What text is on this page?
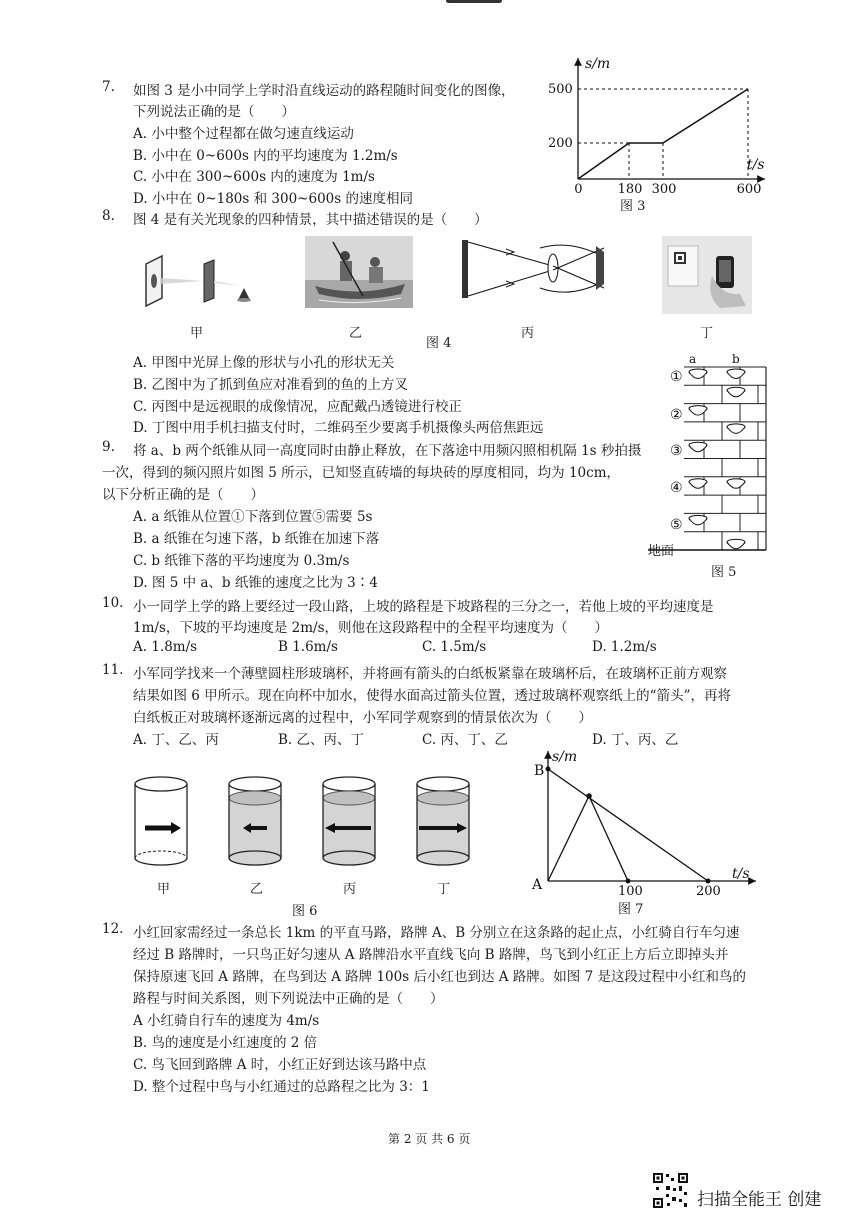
7. 如图 3 是小中同学上学时沿直线运动的路程随时间变化的图像，
下列说法正确的是（　　）
A. 小中整个过程都在做匀速直线运动
B. 小中在 0~600s 内的平均速度为 1.2m/s
C. 小中在 300~600s 内的速度为 1m/s
D. 小中在 0~180s 和 300~600s 的速度相同
0	180 300	600
200
500
s/m
t/s
图 3
8. 图 4 是有关光现象的四种情景，其中描述错误的是（　　）
甲	乙
图 4
丙	丁
A. 甲图中光屏上像的形状与小孔的形状无关
B. 乙图中为了抓到鱼应对准看到的鱼的上方叉
C. 丙图中是远视眼的成像情况，应配戴凸透镜进行校正
D. 丁图中用手机扫描支付时，二维码至少要离手机摄像头两倍焦距远
9. 将 a、b 两个纸锥从同一高度同时由静止释放，在下落途中用频闪照相机隔 1s 秒拍摄
一次，得到的频闪照片如图 5 所示，已知竖直砖墙的每块砖的厚度相同，均为 10cm，
以下分析正确的是（　　）
A. a 纸锥从位置①下落到位置⑤需要 5s
B. a 纸锥在匀速下落，b 纸锥在加速下落
C. b 纸锥下落的平均速度为 0.3m/s
D. 图 5 中 a、b 纸锥的速度之比为 3∶4
a	b
①
②
③
④
⑤
地面
图 5
10. 小一同学上学的路上要经过一段山路，上坡的路程是下坡路程的三分之一，若他上坡的平均速度是
1m/s，下坡的平均速度是 2m/s，则他在这段路程中的全程平均速度为（　　）
A. 1.8m/s	B 1.6m/s	C. 1.5m/s	D. 1.2m/s
11. 小军同学找来一个薄壁圆柱形玻璃杯，并将画有箭头的白纸板紧靠在玻璃杯后，在玻璃杯正前方观察
结果如图 6 甲所示。现在向杯中加水，使得水面高过箭头位置，透过玻璃杯观察纸上的“箭头”，再将
白纸板正对玻璃杯逐渐远离的过程中，小军同学观察到的情景依次为（　　）
A. 丁、乙、丙	B. 乙、丙、丁	C. 丙、丁、乙	D. 丁、丙、乙
甲	乙	丙	丁
图 6
s/m
B
A	100	200
t/s
图 7
12. 小红回家需经过一条总长 1km 的平直马路，路牌 A、B 分别立在这条路的起止点，小红骑自行车匀速
经过 B 路牌时，一只鸟正好匀速从 A 路牌沿水平直线飞向 B 路牌，鸟飞到小红正上方后立即掉头并
保持原速飞回 A 路牌，在鸟到达 A 路牌 100s 后小红也到达 A 路牌。如图 7 是这段过程中小红和鸟的
路程与时间关系图，则下列说法中正确的是（　　）
A 小红骑自行车的速度为 4m/s
B. 鸟的速度是小红速度的 2 倍
C. 鸟飞回到路牌 A 时，小红正好到达该马路中点
D. 整个过程中鸟与小红通过的总路程之比为 3：1
第 2 页 共 6 页
扫描全能王 创建
